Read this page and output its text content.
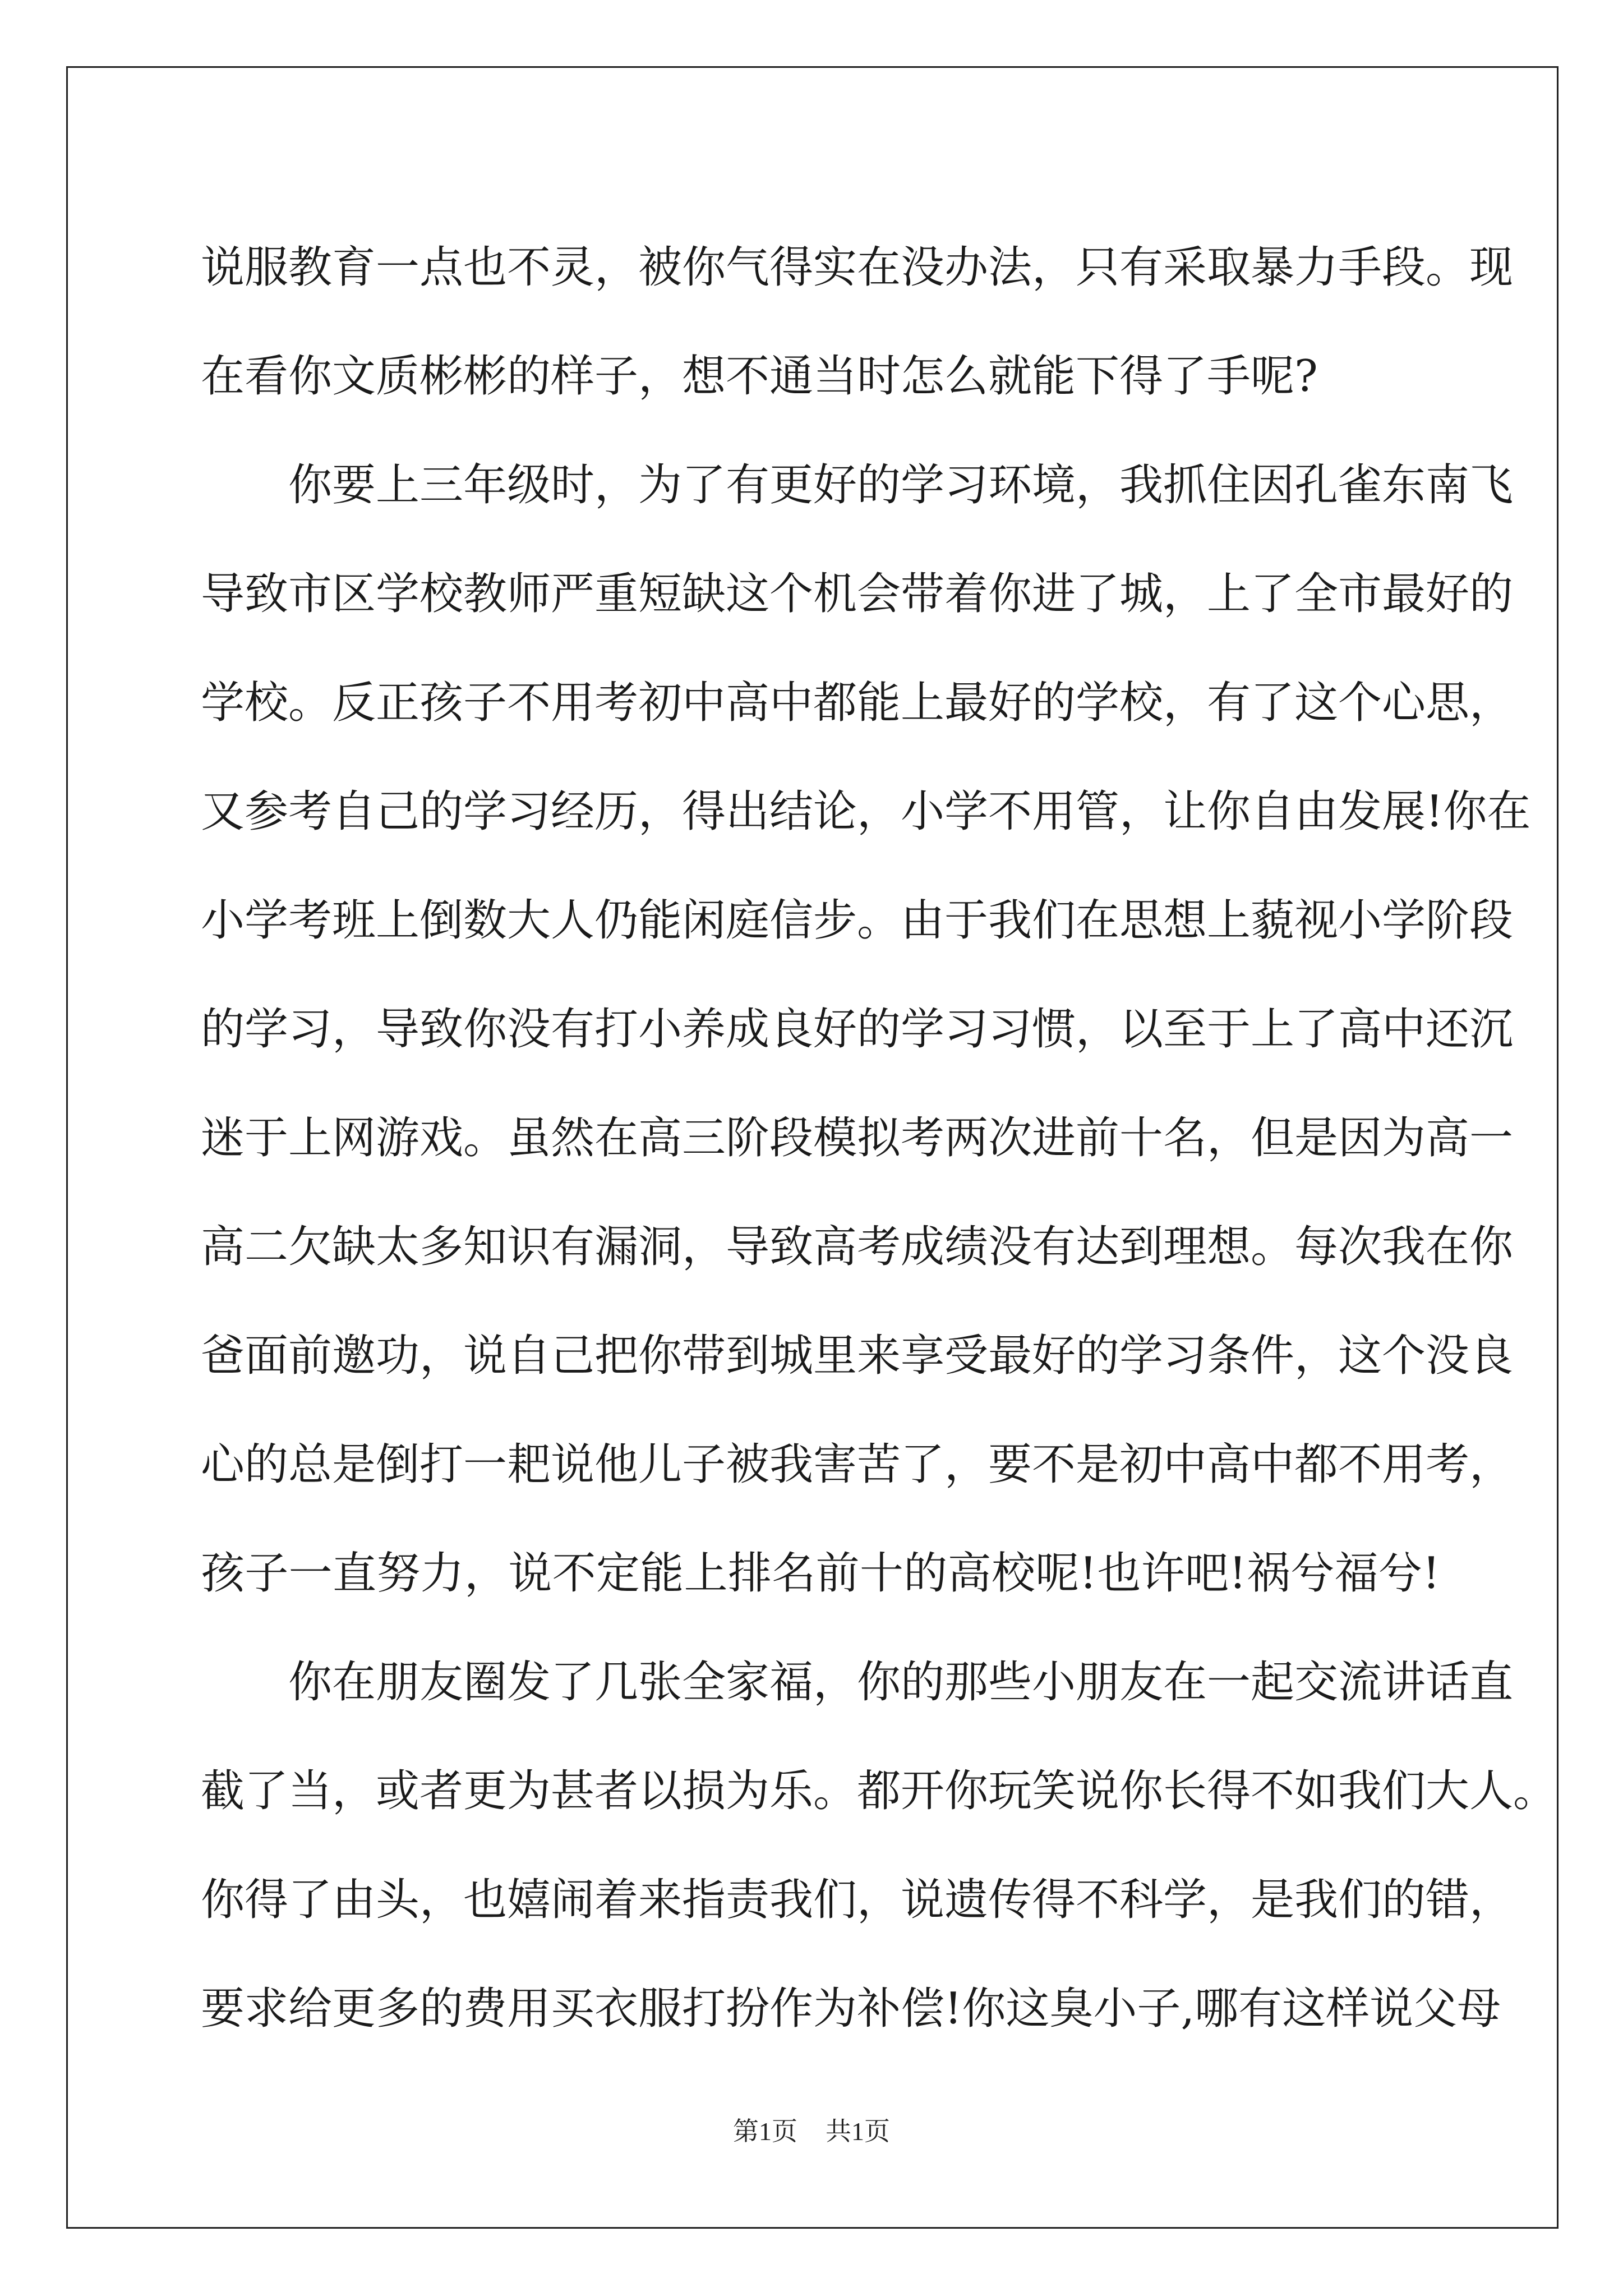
说服教育一点也不灵，被你气得实在没办法，只有采取暴力手段。现
在看你文质彬彬的样子，想不通当时怎么就能下得了手呢?

你要上三年级时，为了有更好的学习环境，我抓住因孔雀东南飞
导致市区学校教师严重短缺这个机会带着你进了城，上了全市最好的
学校。反正孩子不用考初中高中都能上最好的学校，有了这个心思，
又参考自己的学习经历，得出结论，小学不用管，让你自由发展!你在
小学考班上倒数大人仍能闲庭信步。由于我们在思想上藐视小学阶段
的学习，导致你没有打小养成良好的学习习惯，以至于上了高中还沉
迷于上网游戏。虽然在高三阶段模拟考两次进前十名，但是因为高一
高二欠缺太多知识有漏洞，导致高考成绩没有达到理想。每次我在你
爸面前邀功，说自己把你带到城里来享受最好的学习条件，这个没良
心的总是倒打一耙说他儿子被我害苦了，要不是初中高中都不用考，
孩子一直努力，说不定能上排名前十的高校呢!也许吧!祸兮福兮!

你在朋友圈发了几张全家福，你的那些小朋友在一起交流讲话直
截了当，或者更为甚者以损为乐。都开你玩笑说你长得不如我们大人。
你得了由头，也嬉闹着来指责我们，说遗传得不科学，是我们的错，
要求给更多的费用买衣服打扮作为补偿!你这臭小子,哪有这样说父母

第1页 共1页
